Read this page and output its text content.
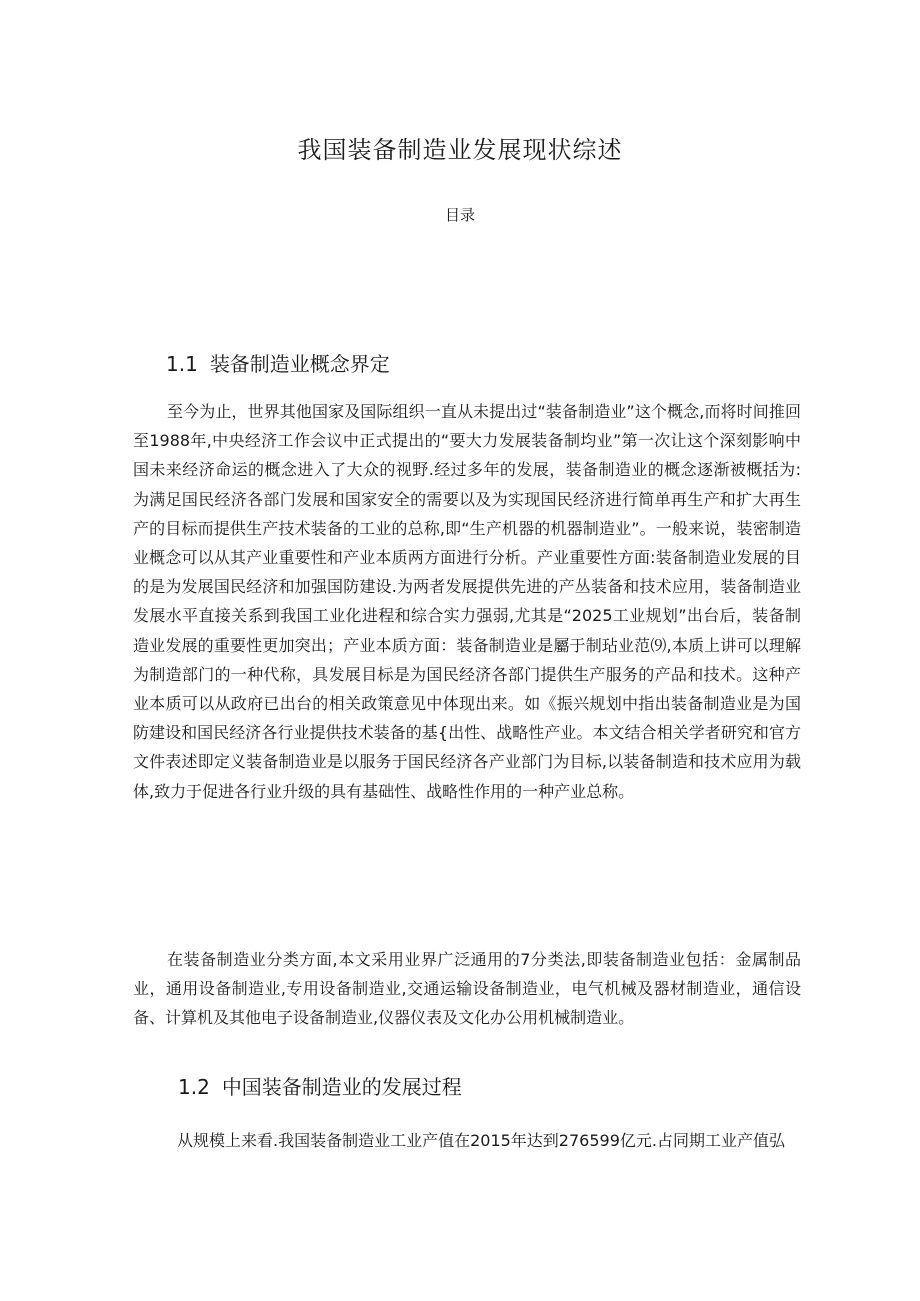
我国装备制造业发展现状综述
目录
1.1 装备制造业概念界定

至今为止，世界其他国家及国际组织一直从未提出过“装备制造业”这个概念,而将时间推回至1988年,中央经济工作会议中正式提出的“要大力发展装备制均业”第一次让这个深刻影响中国未来经济命运的概念进入了大众的视野.经过多年的发展，装备制造业的概念逐渐被概括为: 为满足国民经济各部门发展和国家安全的需要以及为实现国民经济进行简单再生产和扩大再生产的目标而提供生产技术装备的工业的总称,即“生产机器的机器制造业”。一般来说，装密制造业概念可以从其产业重要性和产业本质两方面进行分析。产业重要性方面:装备制造业发展的目的是为发展国民经济和加强国防建设.为两者发展提供先进的产丛装备和技术应用，装备制造业发展水平直接关系到我国工业化进程和综合实力强弱,尤其是“2025工业规划”出台后，装备制造业发展的重要性更加突出；产业本质方面：装备制造业是屬于制玷业范⑼,本质上讲可以理解为制造部门的一种代称，具发展目标是为国民经济各部门提供生产服务的产品和技术。这种产业本质可以从政府已出台的相关政策意见中体现出来。如《振兴规划中指出装备制造业是为国防建设和国民经济各行业提供技术装备的基{出性、战略性产业。本文结合相关学者研究和官方文件表述即定义装备制造业是以服务于国民经济各产业部门为目标,以装备制造和技术应用为载体,致力于促进各行业升级的具有基础性、战略性作用的一种产业总称。

在装备制造业分类方面,本文采用业界广泛通用的7分类法,即装备制造业包括：金属制品业，通用设备制造业,专用设备制造业,交通运输设备制造业，电气机械及器材制造业，通信设备、计算机及其他电子设备制造业,仪器仪表及文化办公用机械制造业。

1.2 中国装备制造业的发展过程

从规模上来看.我国装备制造业工业产值在2015年达到276599亿元.占同期工业产值弘
